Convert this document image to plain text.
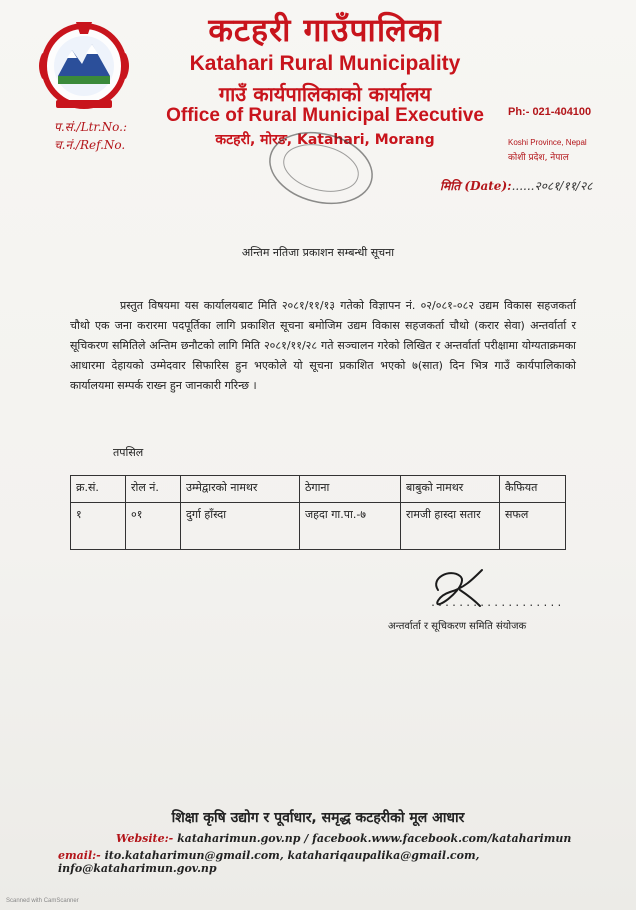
कटहरी गाउँपालिका
Katahari Rural Municipality
गाउँ कार्यपालिकाको कार्यालय
Office of Rural Municipal Executive
कटहरी, मोरङ, Katahari, Morang
प.सं./Ltr.No.:
च.नं./Ref.No.
Ph:- 021-404100
Koshi Province, Nepal
कोशी प्रदेश, नेपाल
मिति (Date):......२०८१/११/२८
अन्तिम नतिजा प्रकाशन सम्बन्धी सूचना
प्रस्तुत विषयमा यस कार्यालयबाट मिति २०८१/११/१३ गतेको विज्ञापन नं. ०२/०८१-०८२ उद्यम विकास सहजकर्ता चौथो एक जना करारमा पदपूर्तिका लागि प्रकाशित सूचना बमोजिम उद्यम विकास सहजकर्ता चौथो (करार सेवा) अन्तर्वार्ता र सूचिकरण समितिले अन्तिम छनौटको लागि मिति २०८१/११/२८ गते सञ्चालन गरेको लिखित र अन्तर्वार्ता परीक्षामा योग्यताक्रमका आधारमा देहायको उम्मेदवार सिफारिस हुन भएकोले यो सूचना प्रकाशित भएको ७(सात) दिन भित्र गाउँ कार्यपालिकाको कार्यालयमा सम्पर्क राख्न हुन जानकारी गरिन्छ ।
तपसिल
क्र.सं.	रोल नं.	उम्मेद्वारको नामथर	ठेगाना	बाबुको नामथर	कैफियत
१	०१	दुर्गा हाँस्दा	जहदा गा.पा.-७	रामजी हास्दा सतार	सफल
...................
अन्तर्वार्ता र सूचिकरण समिति संयोजक
शिक्षा कृषि उद्योग र पूर्वाधार, समृद्ध कटहरीको मूल आधार
Website:- kataharimun.gov.np / facebook.www.facebook.com/kataharimun
email:- ito.kataharimun@gmail.com, katahariqaupalika@gmail.com, info@kataharimun.gov.np
Scanned with CamScanner
